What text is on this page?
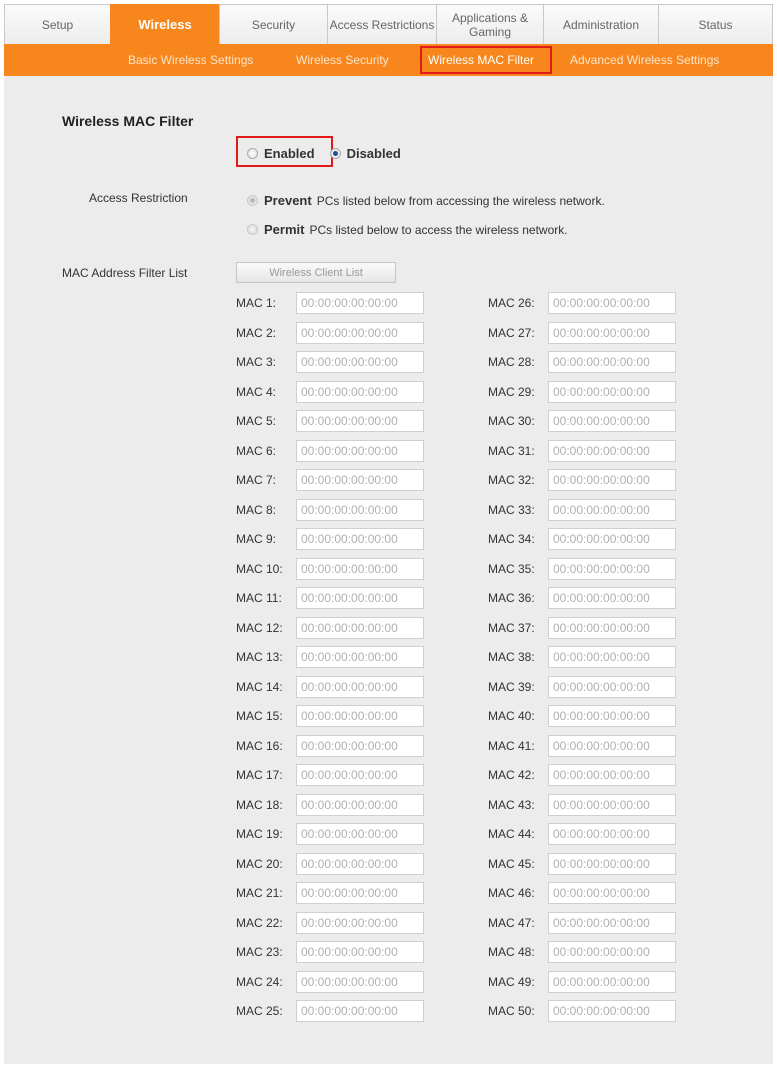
Setup	Wireless	Security	Access Restrictions	Applications & Gaming	Administration	Status
Basic Wireless Settings	Wireless Security	Wireless MAC Filter	Advanced Wireless Settings
Wireless MAC Filter
Enabled Disabled
Access Restriction	Prevent PCs listed below from accessing the wireless network.
Permit PCs listed below to access the wireless network.
MAC Address Filter List	Wireless Client List
MAC 1:
00:00:00:00:00:00
MAC 2:
00:00:00:00:00:00
MAC 3:
00:00:00:00:00:00
MAC 4:
00:00:00:00:00:00
MAC 5:
00:00:00:00:00:00
MAC 6:
00:00:00:00:00:00
MAC 7:
00:00:00:00:00:00
MAC 8:
00:00:00:00:00:00
MAC 9:
00:00:00:00:00:00
MAC 10:
00:00:00:00:00:00
MAC 11:
00:00:00:00:00:00
MAC 12:
00:00:00:00:00:00
MAC 13:
00:00:00:00:00:00
MAC 14:
00:00:00:00:00:00
MAC 15:
00:00:00:00:00:00
MAC 16:
00:00:00:00:00:00
MAC 17:
00:00:00:00:00:00
MAC 18:
00:00:00:00:00:00
MAC 19:
00:00:00:00:00:00
MAC 20:
00:00:00:00:00:00
MAC 21:
00:00:00:00:00:00
MAC 22:
00:00:00:00:00:00
MAC 23:
00:00:00:00:00:00
MAC 24:
00:00:00:00:00:00
MAC 25:
00:00:00:00:00:00
MAC 26:
00:00:00:00:00:00
MAC 27:
00:00:00:00:00:00
MAC 28:
00:00:00:00:00:00
MAC 29:
00:00:00:00:00:00
MAC 30:
00:00:00:00:00:00
MAC 31:
00:00:00:00:00:00
MAC 32:
00:00:00:00:00:00
MAC 33:
00:00:00:00:00:00
MAC 34:
00:00:00:00:00:00
MAC 35:
00:00:00:00:00:00
MAC 36:
00:00:00:00:00:00
MAC 37:
00:00:00:00:00:00
MAC 38:
00:00:00:00:00:00
MAC 39:
00:00:00:00:00:00
MAC 40:
00:00:00:00:00:00
MAC 41:
00:00:00:00:00:00
MAC 42:
00:00:00:00:00:00
MAC 43:
00:00:00:00:00:00
MAC 44:
00:00:00:00:00:00
MAC 45:
00:00:00:00:00:00
MAC 46:
00:00:00:00:00:00
MAC 47:
00:00:00:00:00:00
MAC 48:
00:00:00:00:00:00
MAC 49:
00:00:00:00:00:00
MAC 50:
00:00:00:00:00:00
